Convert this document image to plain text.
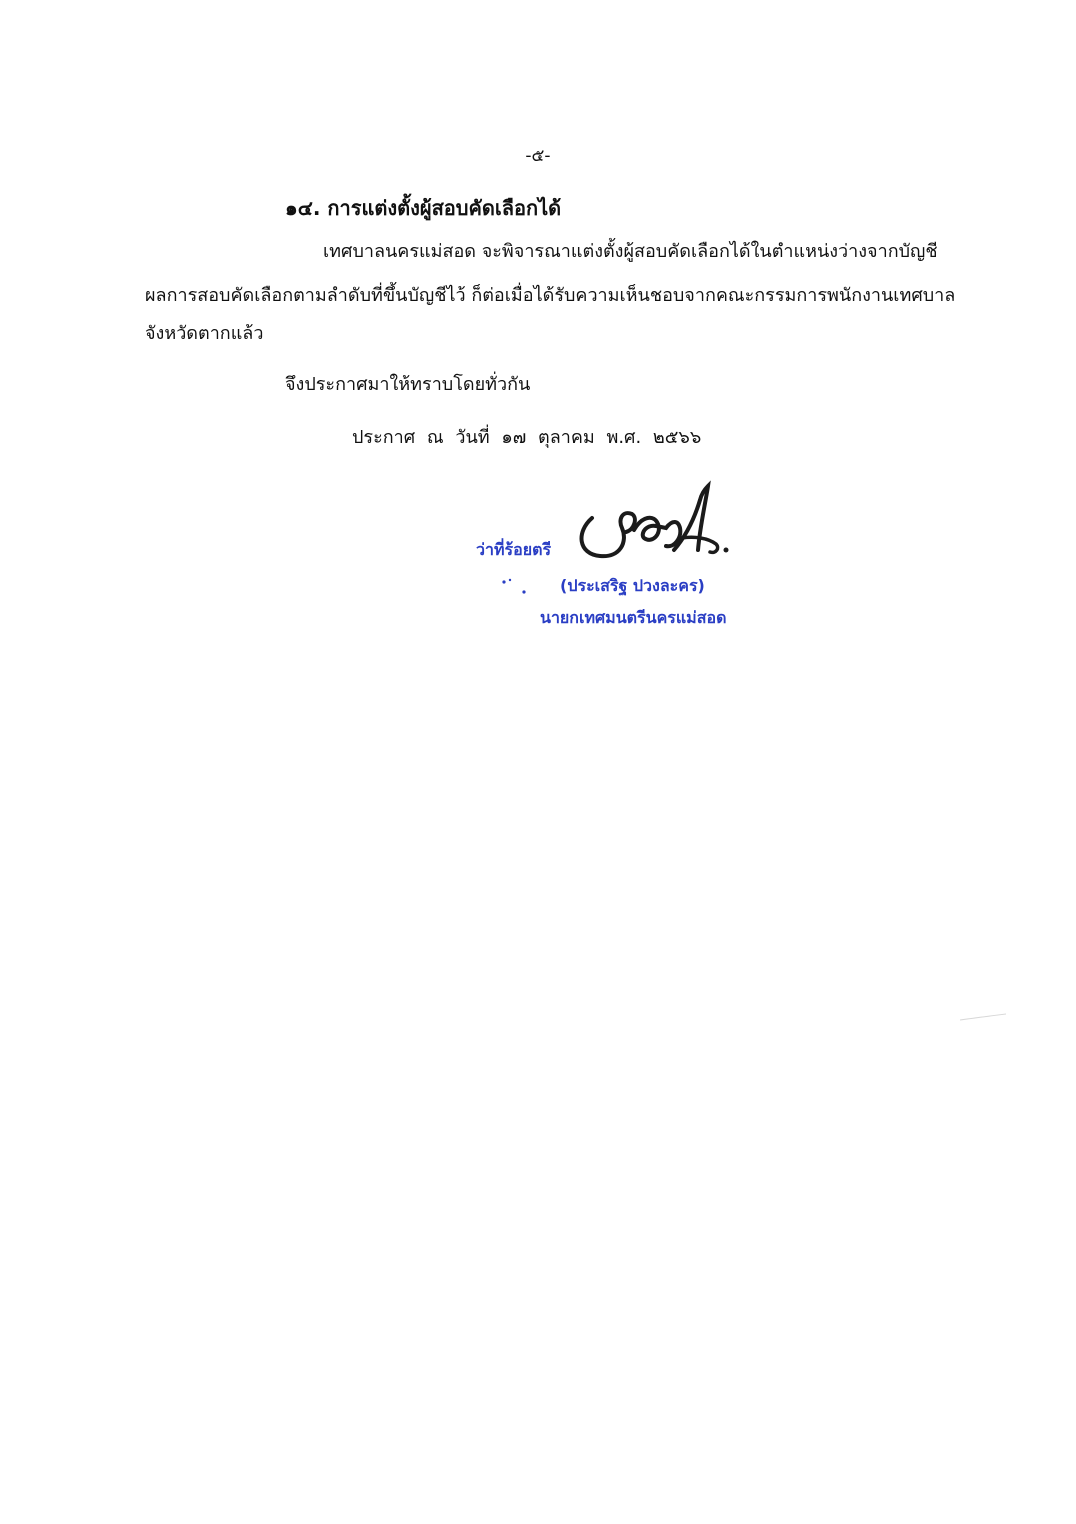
-๕-
๑๔. การแต่งตั้งผู้สอบคัดเลือกได้
เทศบาลนครแม่สอด จะพิจารณาแต่งตั้งผู้สอบคัดเลือกได้ในตำแหน่งว่างจากบัญชี
ผลการสอบคัดเลือกตามลำดับที่ขึ้นบัญชีไว้ ก็ต่อเมื่อได้รับความเห็นชอบจากคณะกรรมการพนักงานเทศบาล
จังหวัดตากแล้ว
จึงประกาศมาให้ทราบโดยทั่วกัน
ประกาศ ณ วันที่ ๑๗ ตุลาคม พ.ศ. ๒๕๖๖
ว่าที่ร้อยตรี
(ประเสริฐ ปวงละคร)
นายกเทศมนตรีนครแม่สอด
